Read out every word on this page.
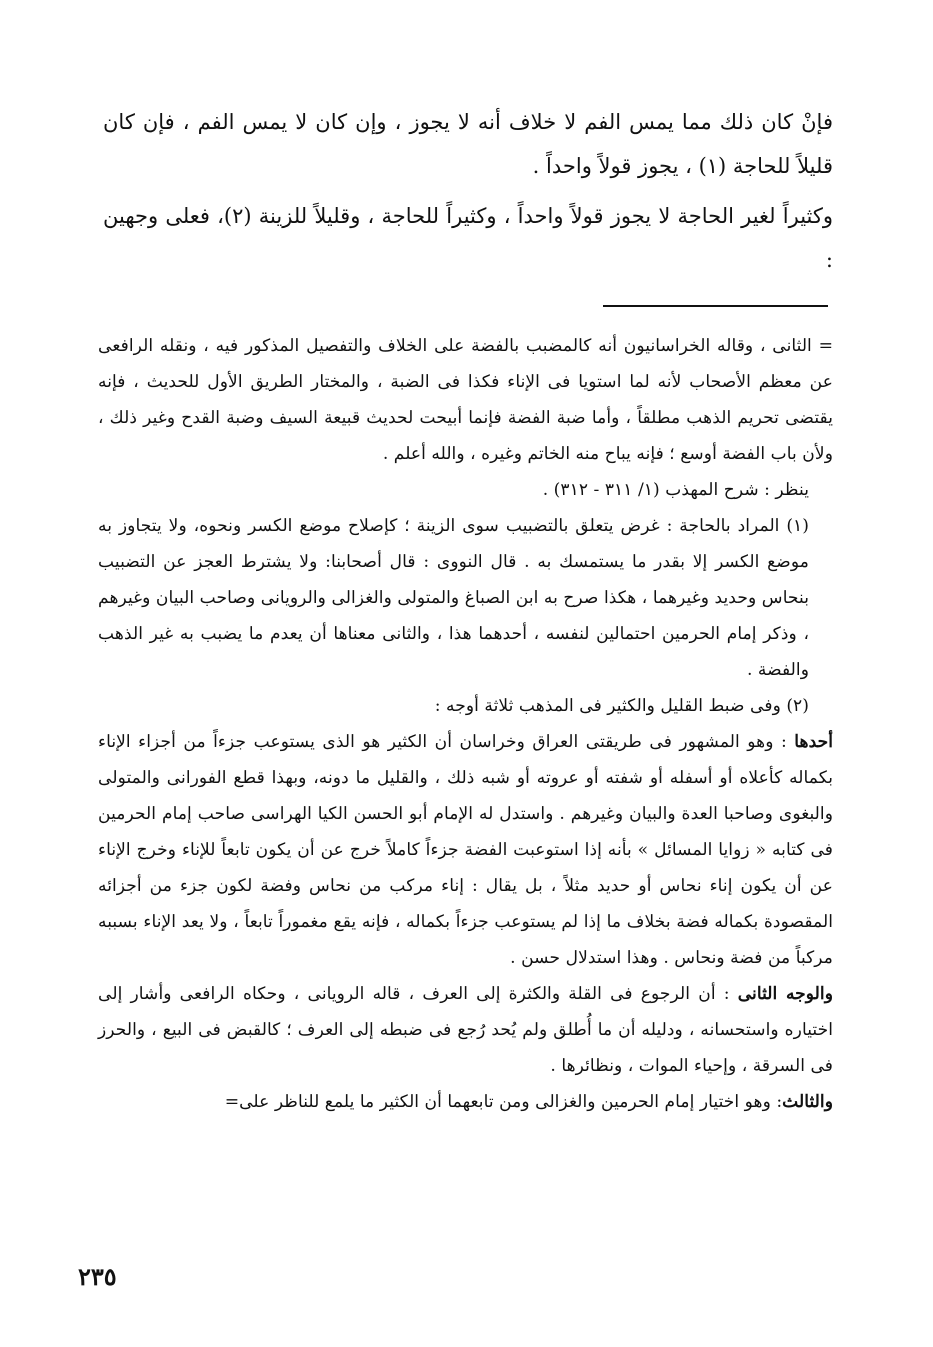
فإنْ كان ذلك مما يمس الفم لا خلاف أنه لا يجوز ، وإن كان لا يمس الفم ، فإن كان قليلاً للحاجة (١) ، يجوز قولاً واحداً .

وكثيراً لغير الحاجة لا يجوز قولاً واحداً ، وكثيراً للحاجة ، وقليلاً للزينة (٢)، فعلى وجهين :

= الثانى ، وقاله الخراسانيون أنه كالمضبب بالفضة على الخلاف والتفصيل المذكور فيه ، ونقله الرافعى عن معظم الأصحاب لأنه لما استويا فى الإناء فكذا فى الضبة ، والمختار الطريق الأول للحديث ، فإنه يقتضى تحريم الذهب مطلقاً ، وأما ضبة الفضة فإنما أبيحت لحديث قبيعة السيف وضبة القدح وغير ذلك ، ولأن باب الفضة أوسع ؛ فإنه يباح منه الخاتم وغيره ، والله أعلم .

ينظر : شرح المهذب (١/ ٣١١ - ٣١٢) .

(١) المراد بالحاجة : غرض يتعلق بالتضبيب سوى الزينة ؛ كإصلاح موضع الكسر ونحوه، ولا يتجاوز به موضع الكسر إلا بقدر ما يستمسك به . قال النووى : قال أصحابنا: ولا يشترط العجز عن التضبيب بنحاس وحديد وغيرهما ، هكذا صرح به ابن الصباغ والمتولى والغزالى والرويانى وصاحب البيان وغيرهم ، وذكر إمام الحرمين احتمالين لنفسه ، أحدهما هذا ، والثانى معناها أن يعدم ما يضبب به غير الذهب والفضة .

(٢) وفى ضبط القليل والكثير فى المذهب ثلاثة أوجه :

أحدها : وهو المشهور فى طريقتى العراق وخراسان أن الكثير هو الذى يستوعب جزءاً من أجزاء الإناء بكماله كأعلاه أو أسفله أو شفته أو عروته أو شبه ذلك ، والقليل ما دونه، وبهذا قطع الفورانى والمتولى والبغوى وصاحبا العدة والبيان وغيرهم . واستدل له الإمام أبو الحسن الكيا الهراسى صاحب إمام الحرمين فى كتابه « زوايا المسائل » بأنه إذا استوعبت الفضة جزءاً كاملاً خرج عن أن يكون تابعاً للإناء وخرج الإناء عن أن يكون إناء نحاس أو حديد مثلاً ، بل يقال : إناء مركب من نحاس وفضة لكون جزء من أجزائه المقصودة بكماله فضة بخلاف ما إذا لم يستوعب جزءاً بكماله ، فإنه يقع مغموراً تابعاً ، ولا يعد الإناء بسببه مركباً من فضة ونحاس . وهذا استدلال حسن .

والوجه الثانى : أن الرجوع فى القلة والكثرة إلى العرف ، قاله الرويانى ، وحكاه الرافعى وأشار إلى اختياره واستحسانه ، ودليله أن ما أُطلق ولم يُحد رُجع فى ضبطه إلى العرف ؛ كالقبض فى البيع ، والحرز فى السرقة ، وإحياء الموات ، ونظائرها .

والثالث: وهو اختيار إمام الحرمين والغزالى ومن تابعهما أن الكثير ما يلمع للناظر على=

٢٣٥
